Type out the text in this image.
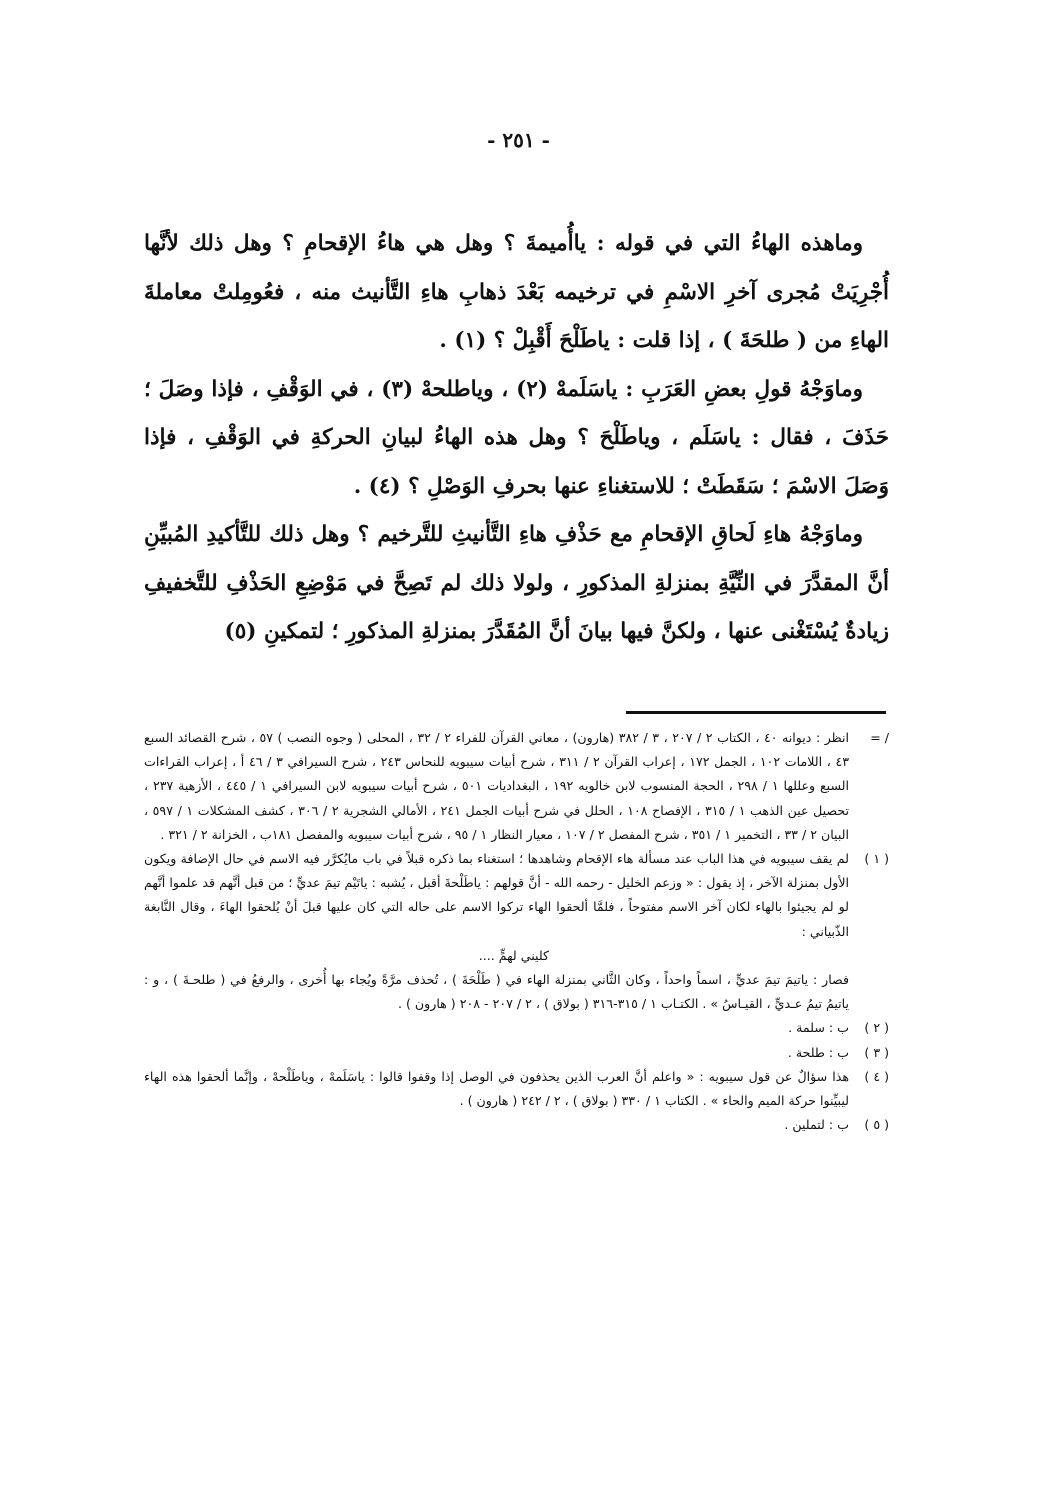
- ٢٥١ -

وماهذه الهاءُ التي في قوله : ياأُميمةَ ؟ وهل هي هاءُ الإقحامِ ؟ وهل ذلك لأنَّها أُجْرِيَتْ مُجرى آخرِ الاسْمِ في ترخيمه بَعْدَ ذهابِ هاءِ التَّأنيث منه ، فعُومِلتْ معاملةَ الهاءِ من ( طلحَةَ ) ، إذا قلت : ياطَلْحَ أَقْبِلْ ؟ (١) .

وماوَجْهُ قولِ بعضِ العَرَبِ : ياسَلَمهْ (٢) ، وياطلحهْ (٣) ، في الوَقْفِ ، فإذا وصَلَ ؛ حَذَفَ ، فقال : ياسَلَم ، وياطَلْحَ ؟ وهل هذه الهاءُ لبيانِ الحركةِ في الوَقْفِ ، فإذا وَصَلَ الاسْمَ ؛ سَقَطَتْ ؛ للاستغناءِ عنها بحرفِ الوَصْلِ ؟ (٤) .

وماوَجْهُ هاءِ لَحاقِ الإقحامِ مع حَذْفِ هاءِ التَّأنيثِ للتَّرخيم ؟ وهل ذلك للتَّأكيدِ المُبيِّنِ أنَّ المقدَّرَ في النِّيَّةِ بمنزلةِ المذكورِ ، ولولا ذلك لم تَصِحَّ في مَوْضِعِ الحَذْفِ للتَّخفيفِ زيادةٌ يُسْتَغْنى عنها ، ولكنَّ فيها بيانَ أنَّ المُقَدَّرَ بمنزلةِ المذكورِ ؛ لتمكينِ (٥)

/ =
انظر : ديوانه ٤٠ ، الكتاب ٢ / ٢٠٧ ، ٣ / ٣٨٢ (هارون) ، معاني القرآن للفراء ٢ / ٣٢ ، المحلى ( وجوه النصب ) ٥٧ ، شرح القصائد السبع ٤٣ ، اللامات ١٠٢ ، الجمل ١٧٢ ، إعراب القرآن ٢ / ٣١١ ، شرح أبيات سيبويه للنحاس ٢٤٣ ، شرح السيرافي ٣ / ٤٦ أ ، إعراب القراءات السبع وعللها ١ / ٢٩٨ ، الحجة المنسوب لابن خالويه ١٩٢ ، البغداديات ٥٠١ ، شرح أبيات سيبويه لابن السيرافي ١ / ٤٤٥ ، الأزهية ٢٣٧ ، تحصيل عين الذهب ١ / ٣١٥ ، الإفصاح ١٠٨ ، الحلل في شرح أبيات الجمل ٢٤١ ، الأمالي الشجرية ٢ / ٣٠٦ ، كشف المشكلات ١ / ٥٩٧ ، البيان ٢ / ٣٣ ، التخمير ١ / ٣٥١ ، شرح المفصل ٢ / ١٠٧ ، معيار النظار ١ / ٩٥ ، شرح أبيات سيبويه والمفصل ١٨١ب ، الخزانة ٢ / ٣٢١ .
( ١ )
لم يقف سيبويه في هذا الباب عند مسألة هاء الإقحام وشاهدها ؛ استغناء بما ذكره قبلاً في باب مايُكرَّر فيه الاسم في حال الإضافة ويكون الأول بمنزلة الآخر ، إذ يقول : « وزعم الخليل - رحمه الله - أنَّ قولهم : ياطَلْحةَ أقبل ، يُشبه : ياتَيْم تيمَ عديٍّ ؛ من قبل أنَّهم قد علموا أنَّهم لو لم يجيئوا بالهاء لكان آخر الاسم مفتوحاً ، فلمَّا ألحقوا الهاء تركوا الاسم على حاله التي كان عليها قبلَ أنْ يُلحقوا الهاءَ ، وقال النَّابغة الذّبياني :
كليني لهمٍّ ....
فصار : ياتيمَ تيمَ عديٍّ ، اسماً واحداً ، وكان الثَّاني بمنزلة الهاء في ( طَلْحَةَ ) ، تُحذف مرَّةً ويُجاء بها أُخرى ، والرفعُ في ( طلحـةَ ) ، و : ياتيمُ تيمُ عـديٍّ ، القيـاسُ » . الكتـاب ١ / ٣١٥-٣١٦ ( بولاق ) ، ٢ / ٢٠٧ - ٢٠٨ ( هارون ) .
( ٢ )
ب : سلمة .
( ٣ )
ب : طلحة .
( ٤ )
هذا سؤالٌ عن قول سيبويه : « واعلم أنَّ العرب الذين يحذفون في الوصل إذا وقفوا قالوا : ياسَلَمهْ ، وياطَلْحهْ ، وإنَّما ألحقوا هذه الهاء ليبيِّنوا حركة الميم والحاء » . الكتاب ١ / ٣٣٠ ( بولاق ) ، ٢ / ٢٤٢ ( هارون ) .
( ٥ )
ب : لتملين .
